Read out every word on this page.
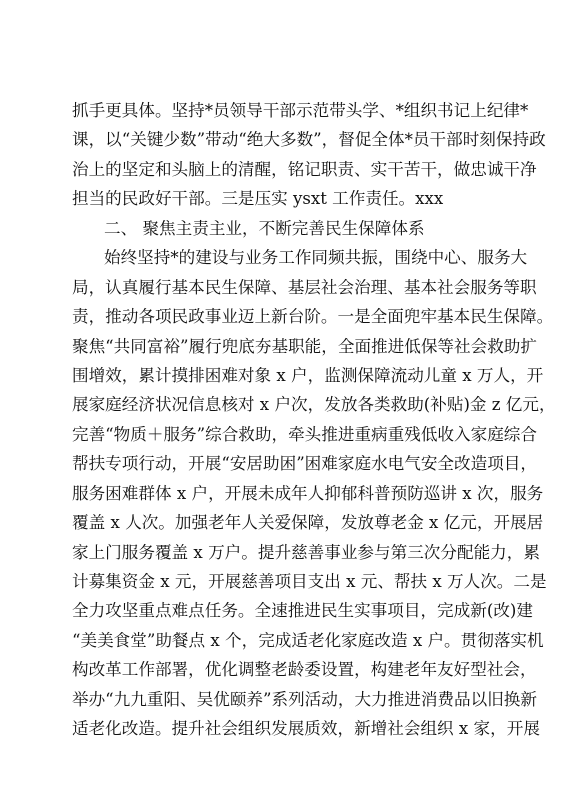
抓手更具体。坚持*员领导干部示范带头学、*组织书记上纪律*
课，以“关键少数”带动“绝大多数”，督促全体*员干部时刻保持政
治上的坚定和头脑上的清醒，铭记职责、实干苦干，做忠诚干净
担当的民政好干部。三是压实 ysxt 工作责任。xxx
二、 聚焦主责主业，不断完善民生保障体系
始终坚持*的建设与业务工作同频共振，围绕中心、服务大
局，认真履行基本民生保障、基层社会治理、基本社会服务等职
责，推动各项民政事业迈上新台阶。一是全面兜牢基本民生保障。
聚焦“共同富裕”履行兜底夯基职能，全面推进低保等社会救助扩
围增效，累计摸排困难对象 x 户，监测保障流动儿童 x 万人，开
展家庭经济状况信息核对 x 户次，发放各类救助(补贴)金 z 亿元，
完善“物质＋服务”综合救助，牵头推进重病重残低收入家庭综合
帮扶专项行动，开展“安居助困”困难家庭水电气安全改造项目，
服务困难群体 x 户，开展未成年人抑郁科普预防巡讲 x 次，服务
覆盖 x 人次。加强老年人关爱保障，发放尊老金 x 亿元，开展居
家上门服务覆盖 x 万户。提升慈善事业参与第三次分配能力，累
计募集资金 x 元，开展慈善项目支出 x 元、帮扶 x 万人次。二是
全力攻坚重点难点任务。全速推进民生实事项目，完成新(改)建
“美美食堂”助餐点 x 个，完成适老化家庭改造 x 户。贯彻落实机
构改革工作部署，优化调整老龄委设置，构建老年友好型社会，
举办“九九重阳、吴优颐养”系列活动，大力推进消费品以旧换新
适老化改造。提升社会组织发展质效，新增社会组织 x 家，开展
